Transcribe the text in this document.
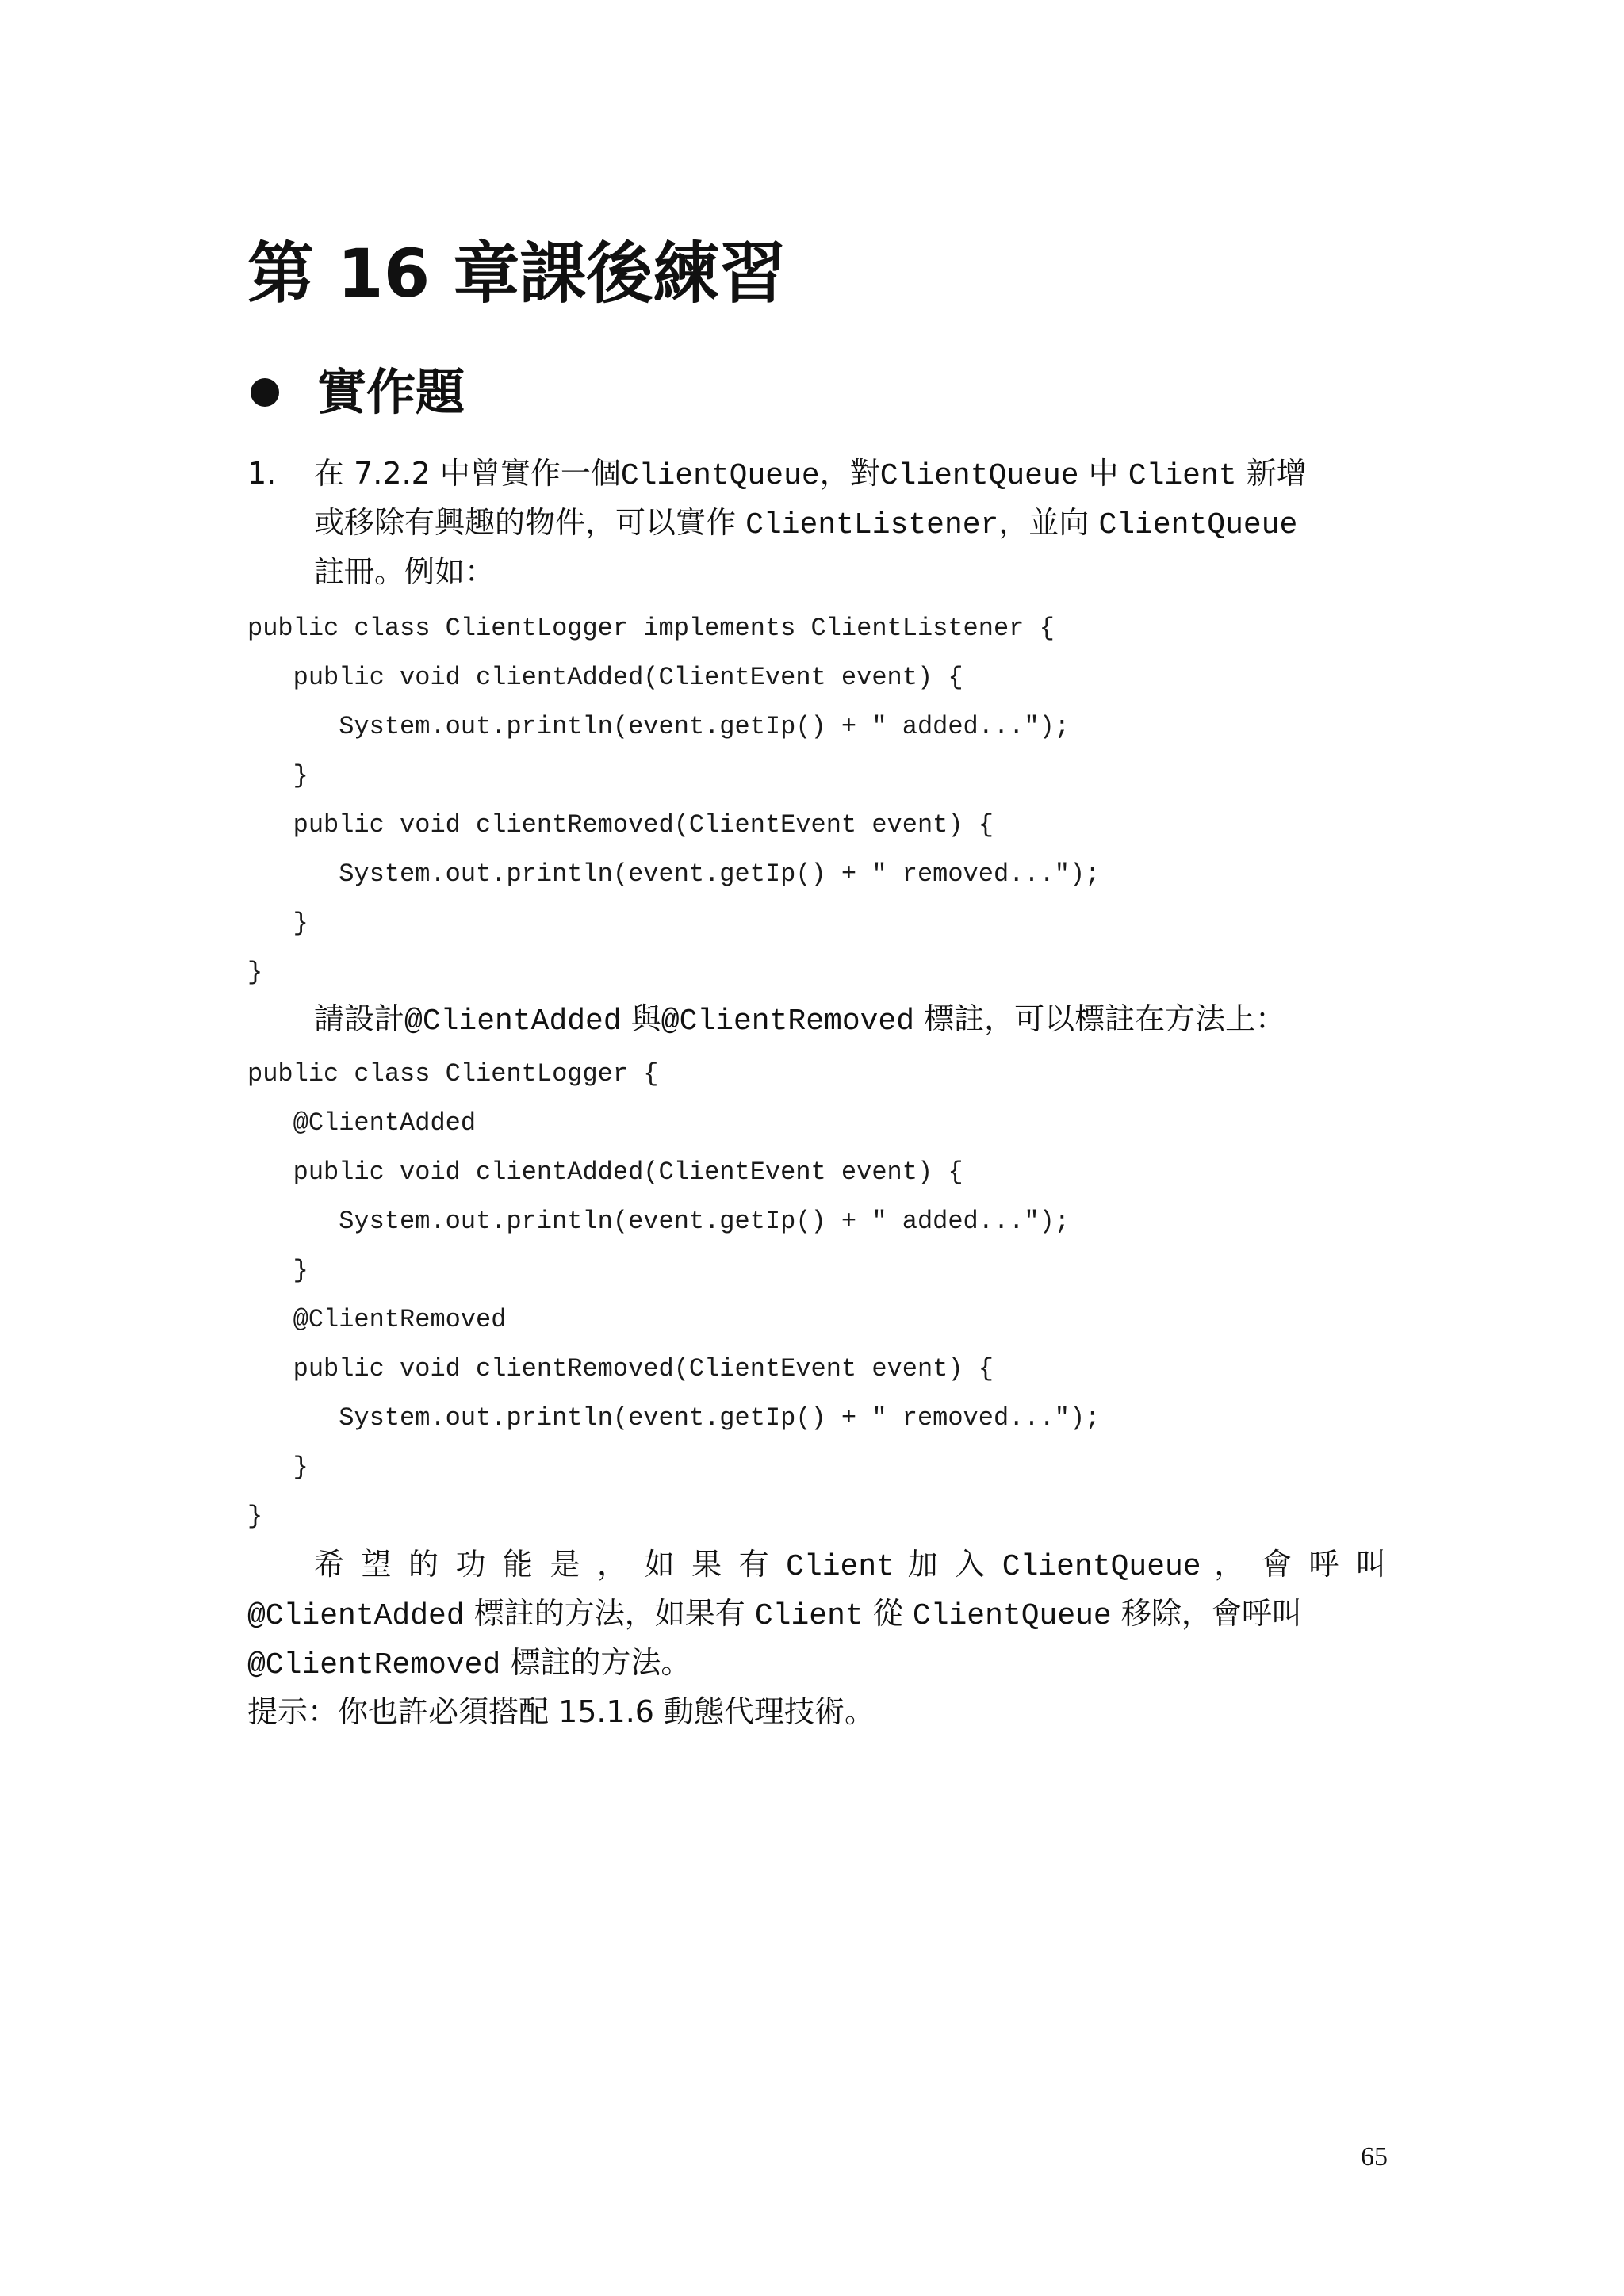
第 16 章課後練習
實作題
1. 在 7.2.2 中曾實作一個ClientQueue，對ClientQueue 中 Client 新增
或移除有興趣的物件，可以實作 ClientListener，並向 ClientQueue
註冊。例如：
public class ClientLogger implements ClientListener {
public void clientAdded(ClientEvent event) {
System.out.println(event.getIp() + " added...");
}
public void clientRemoved(ClientEvent event) {
System.out.println(event.getIp() + " removed...");
}
}
請設計@ClientAdded 與@ClientRemoved 標註，可以標註在方法上：
public class ClientLogger {
@ClientAdded
public void clientAdded(ClientEvent event) {
System.out.println(event.getIp() + " added...");
}
@ClientRemoved
public void clientRemoved(ClientEvent event) {
System.out.println(event.getIp() + " removed...");
}
}
希 望 的 功 能 是 ， 如 果 有 Client 加 入 ClientQueue ， 會 呼 叫
@ClientAdded 標註的方法，如果有 Client 從 ClientQueue 移除，會呼叫
@ClientRemoved 標註的方法。
提示：你也許必須搭配 15.1.6 動態代理技術。
65
